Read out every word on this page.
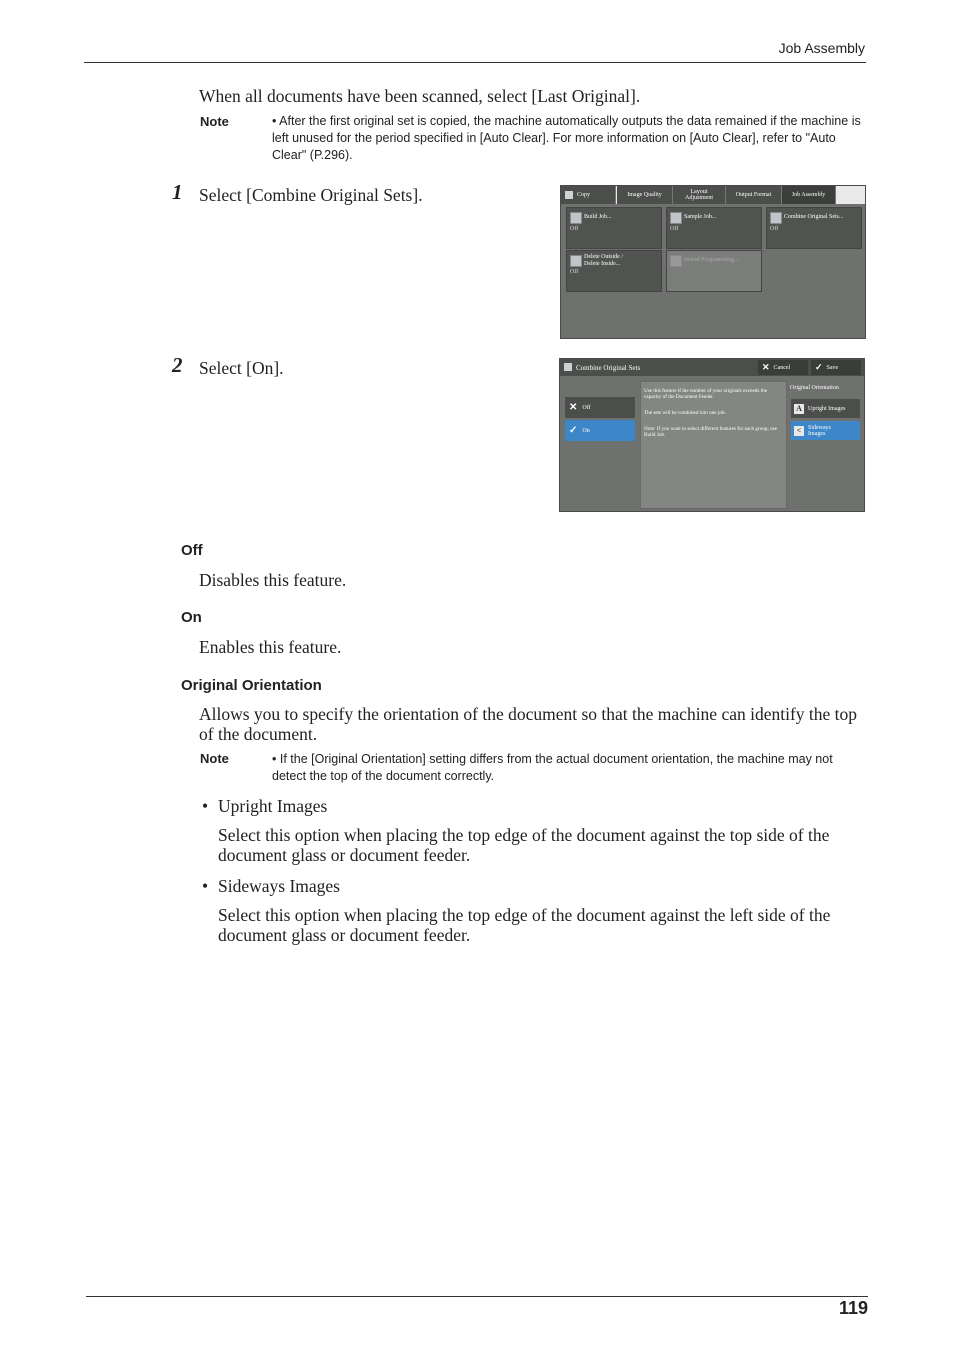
Job Assembly
When all documents have been scanned, select [Last Original].
Note	• After the first original set is copied, the machine automatically outputs the data remained if the machine is left unused for the period specified in [Auto Clear]. For more information on [Auto Clear], refer to "Auto Clear" (P.296).
1 Select [Combine Original Sets].	Copy	Image Quality	Layout Adjustment	Output Format	Job Assembly
Build Job...
Off
Sample Job...
Off
Combine Original Sets...
Off
Delete Outside / Delete Inside...
Off
Stored Programming...
2 Select [On].	Combine Original Sets	✕ Cancel	✓ Save
✕ Off
✓ On
Use this feature if the number of your originals exceeds the capacity of the Document Feeder.
The sets will be combined into one job.
Note: If you want to select different features for each group, use Build Job.
Original Orientation
A	Upright Images
<	Sideways Images
Off
Disables this feature.
On
Enables this feature.
Original Orientation
Allows you to specify the orientation of the document so that the machine can identify the top of the document.
Note	• If the [Original Orientation] setting differs from the actual document orientation, the machine may not detect the top of the document correctly.
• Upright Images
Select this option when placing the top edge of the document against the top side of the document glass or document feeder.
• Sideways Images
Select this option when placing the top edge of the document against the left side of the document glass or document feeder.
119
